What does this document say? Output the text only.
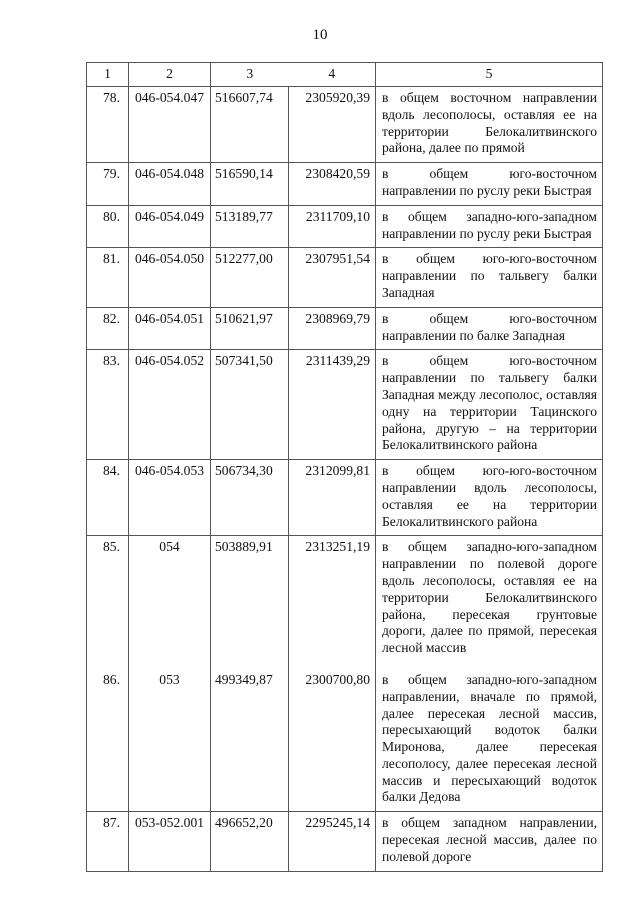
10
1	2	3	4	5
78.	046-054.047	516607,74	2305920,39	в общем восточном направлении вдоль лесополосы, оставляя ее на территории Белокалитвинского района, далее по прямой
79.	046-054.048	516590,14	2308420,59	в общем юго-восточном направлении по руслу реки Быстрая
80.	046-054.049	513189,77	2311709,10	в общем западно-юго-западном направлении по руслу реки Быстрая
81.	046-054.050	512277,00	2307951,54	в общем юго-юго-восточном направлении по тальвегу балки Западная
82.	046-054.051	510621,97	2308969,79	в общем юго-восточном направлении по балке Западная
83.	046-054.052	507341,50	2311439,29	в общем юго-восточном направлении по тальвегу балки Западная между лесополос, оставляя одну на территории Тацинского района, другую – на территории Белокалитвинского района
84.	046-054.053	506734,30	2312099,81	в общем юго-юго-восточном направлении вдоль лесополосы, оставляя ее на территории Белокалитвинского района
85.	054	503889,91	2313251,19	в общем западно-юго-западном направлении по полевой дороге вдоль лесополосы, оставляя ее на территории Белокалитвинского района, пересекая грунтовые дороги, далее по прямой, пересекая лесной массив
86.	053	499349,87	2300700,80	в общем западно-юго-западном направлении, вначале по прямой, далее пересекая лесной массив, пересыхающий водоток балки Миронова, далее пересекая лесополосу, далее пересекая лесной массив и пересыхающий водоток балки Дедова
87.	053-052.001	496652,20	2295245,14	в общем западном направлении, пересекая лесной массив, далее по полевой дороге
